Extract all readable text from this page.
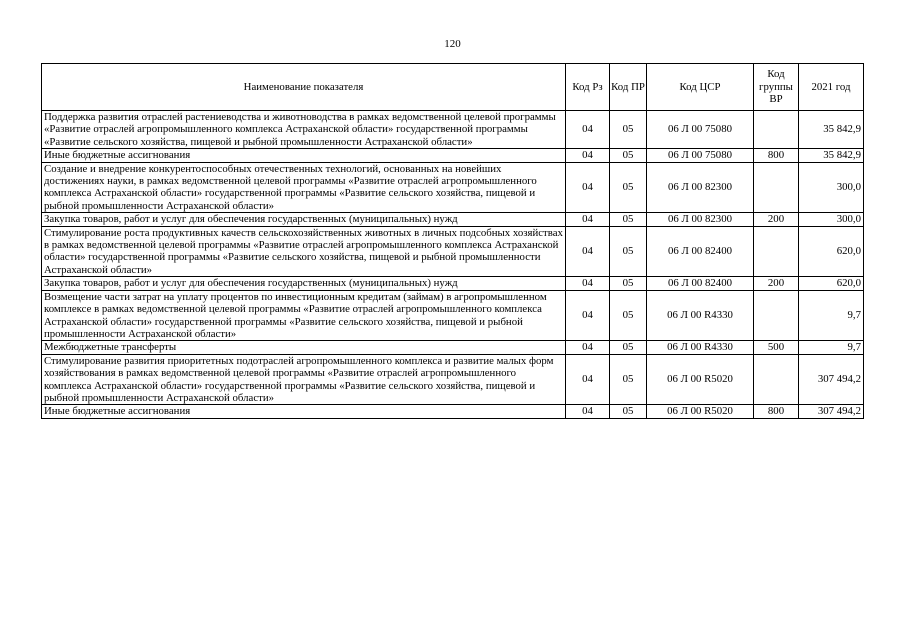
120
Наименование показателя	Код Рз	Код ПР	Код ЦСР	Код группы ВР	2021 год
Поддержка развития отраслей растениеводства и животноводства в рамках ведомственной целевой программы «Развитие отраслей агропромышленного комплекса Астраханской области» государственной программы «Развитие сельского хозяйства, пищевой и рыбной промышленности Астраханской области»	04	05	06 Л 00 75080		35 842,9
Иные бюджетные ассигнования	04	05	06 Л 00 75080	800	35 842,9
Создание и внедрение конкурентоспособных отечественных технологий, основанных на новейших достижениях науки, в рамках ведомственной целевой программы «Развитие отраслей агропромышленного комплекса Астраханской области» государственной программы «Развитие сельского хозяйства, пищевой и рыбной промышленности Астраханской области»	04	05	06 Л 00 82300		300,0
Закупка товаров, работ и услуг для обеспечения государственных (муниципальных) нужд	04	05	06 Л 00 82300	200	300,0
Стимулирование роста продуктивных качеств сельскохозяйственных животных в личных подсобных хозяйствах в рамках ведомственной целевой программы «Развитие отраслей агропромышленного комплекса Астраханской области» государственной программы «Развитие сельского хозяйства, пищевой и рыбной промышленности Астраханской области»	04	05	06 Л 00 82400		620,0
Закупка товаров, работ и услуг для обеспечения государственных (муниципальных) нужд	04	05	06 Л 00 82400	200	620,0
Возмещение части затрат на уплату процентов по инвестиционным кредитам (займам) в агропромышленном комплексе в рамках ведомственной целевой программы «Развитие отраслей агропромышленного комплекса Астраханской области» государственной программы «Развитие сельского хозяйства, пищевой и рыбной промышленности Астраханской области»	04	05	06 Л 00 R4330		9,7
Межбюджетные трансферты	04	05	06 Л 00 R4330	500	9,7
Стимулирование развития приоритетных подотраслей агропромышленного комплекса и развитие малых форм хозяйствования в рамках ведомственной целевой программы «Развитие отраслей агропромышленного комплекса Астраханской области» государственной программы «Развитие сельского хозяйства, пищевой и рыбной промышленности Астраханской области»	04	05	06 Л 00 R5020		307 494,2
Иные бюджетные ассигнования	04	05	06 Л 00 R5020	800	307 494,2
